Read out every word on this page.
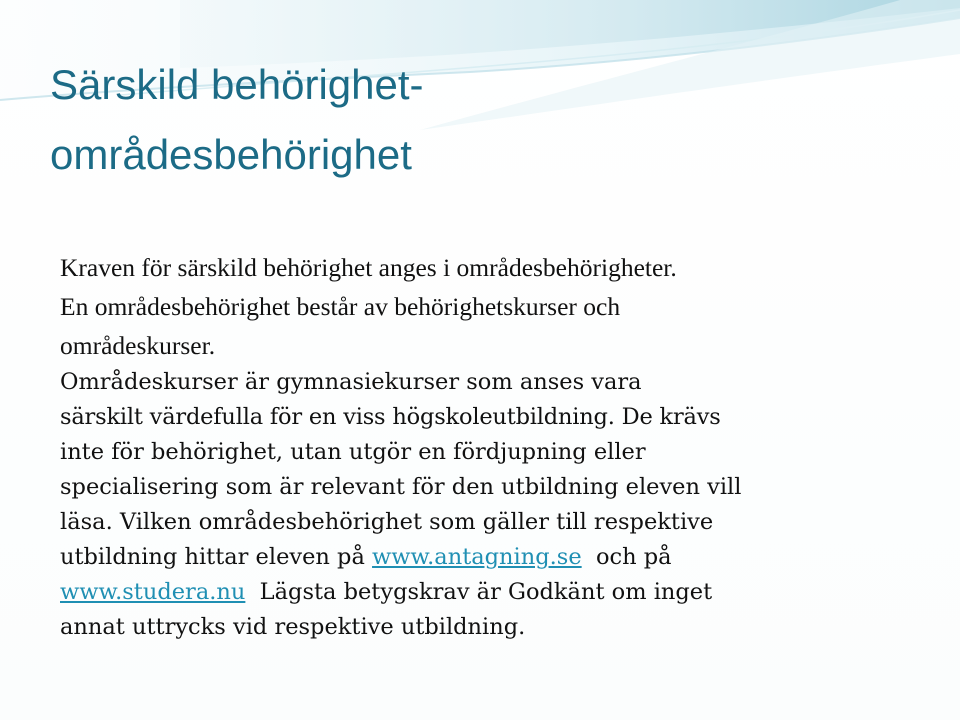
Särskild behörighet-
områdesbehörighet

Kraven för särskild behörighet anges i områdesbehörigheter.
En områdesbehörighet består av behörighetskurser och
områdeskurser.

Områdeskurser är gymnasiekurser som anses vara
särskilt värdefulla för en viss högskoleutbildning. De krävs
inte för behörighet, utan utgör en fördjupning eller
specialisering som är relevant för den utbildning eleven vill
läsa. Vilken områdesbehörighet som gäller till respektive
utbildning hittar eleven på www.antagning.se  och på
www.studera.nu  Lägsta betygskrav är Godkänt om inget
annat uttrycks vid respektive utbildning.
